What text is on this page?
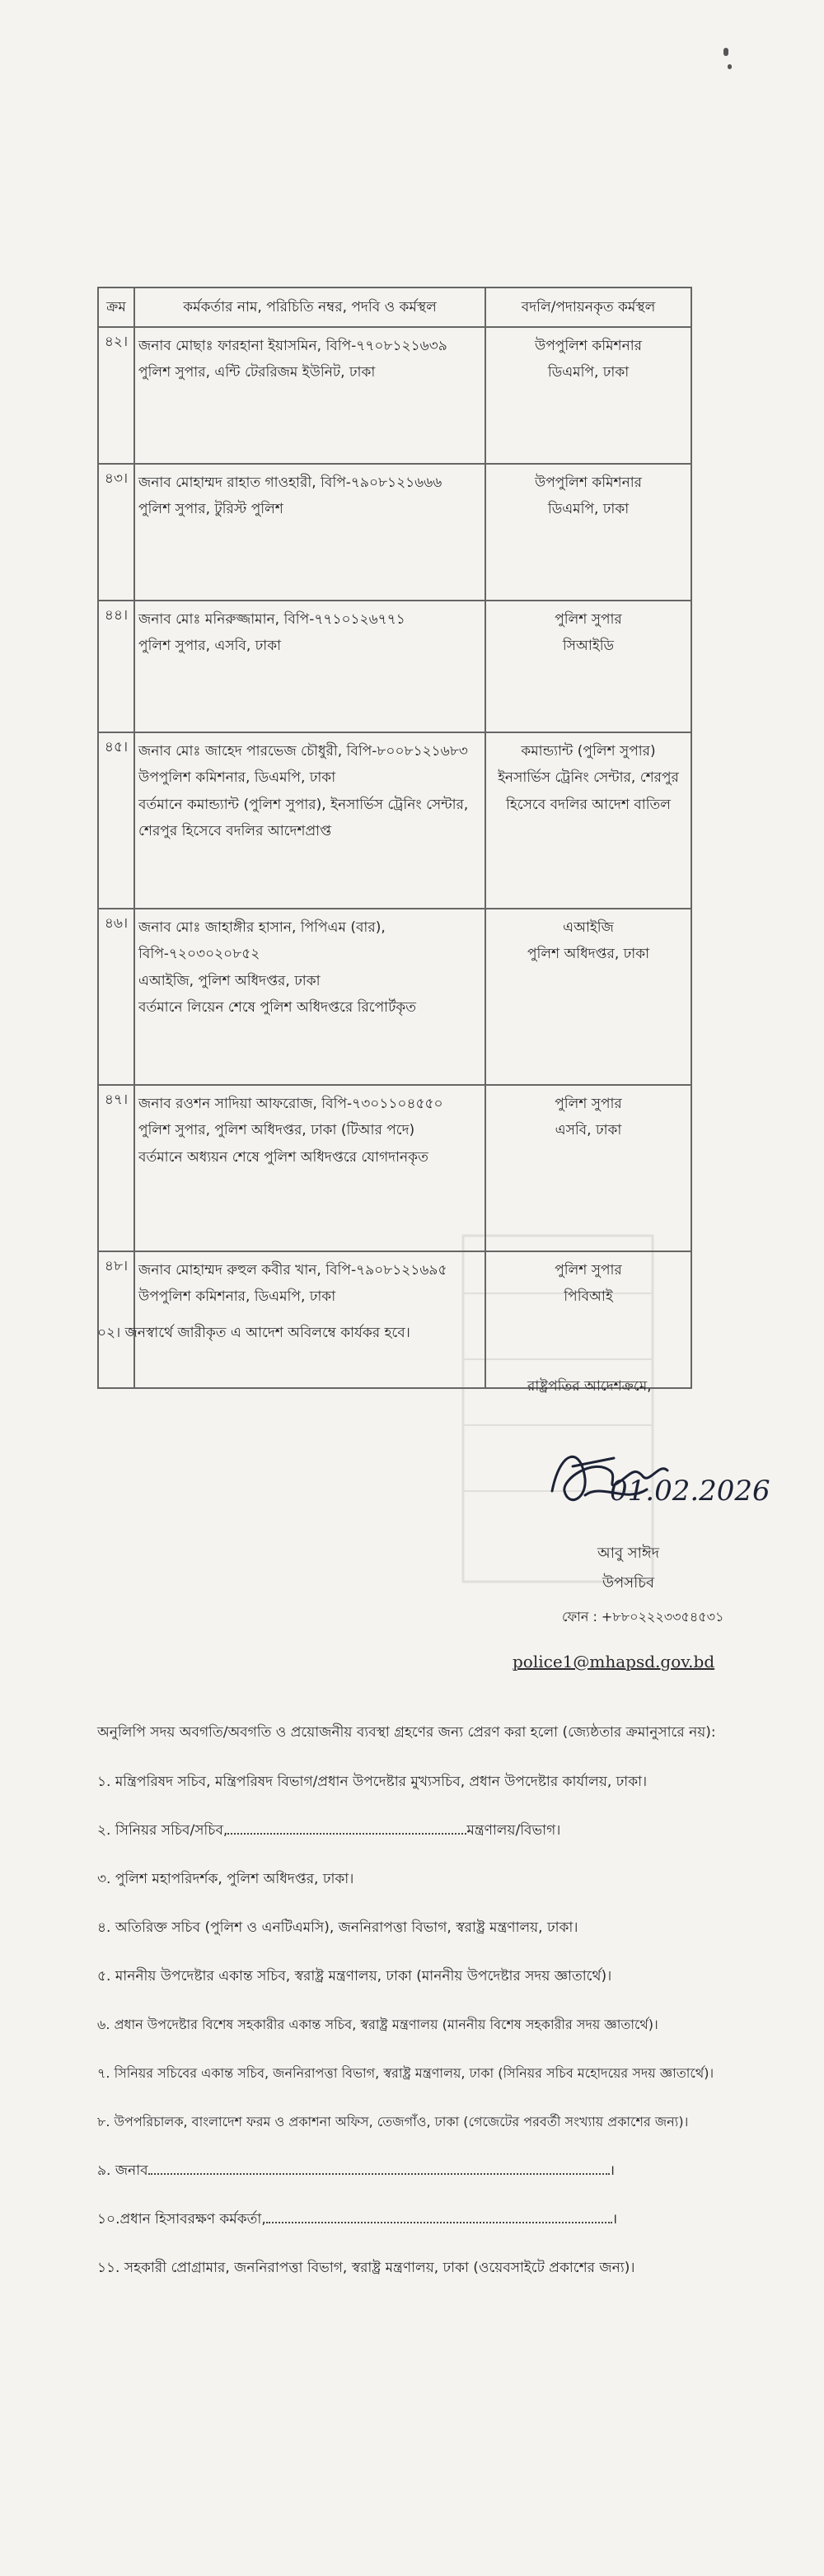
ক্রম	কর্মকর্তার নাম, পরিচিতি নম্বর, পদবি ও কর্মস্থল	বদলি/পদায়নকৃত কর্মস্থল
৪২।	জনাব মোছাঃ ফারহানা ইয়াসমিন, বিপি-৭৭০৮১২১৬৩৯
পুলিশ সুপার, এন্টি টেররিজম ইউনিট, ঢাকা	উপপুলিশ কমিশনার
ডিএমপি, ঢাকা

৪৩।	জনাব মোহাম্মদ রাহাত গাওহারী, বিপি-৭৯০৮১২১৬৬৬
পুলিশ সুপার, টুরিস্ট পুলিশ	উপপুলিশ কমিশনার
ডিএমপি, ঢাকা

৪৪।	জনাব মোঃ মনিরুজ্জামান, বিপি-৭৭১০১২৬৭৭১
পুলিশ সুপার, এসবি, ঢাকা	পুলিশ সুপার
সিআইডি

৪৫।	জনাব মোঃ জাহেদ পারভেজ চৌধুরী, বিপি-৮০০৮১২১৬৮৩
উপপুলিশ কমিশনার, ডিএমপি, ঢাকা
বর্তমানে কমান্ড্যান্ট (পুলিশ সুপার), ইনসার্ভিস ট্রেনিং সেন্টার,
শেরপুর হিসেবে বদলির আদেশপ্রাপ্ত	কমান্ড্যান্ট (পুলিশ সুপার)
ইনসার্ভিস ট্রেনিং সেন্টার, শেরপুর
হিসেবে বদলির আদেশ বাতিল

৪৬।	জনাব মোঃ জাহাঙ্গীর হাসান, পিপিএম (বার), বিপি-৭২০৩০২০৮৫২
এআইজি, পুলিশ অধিদপ্তর, ঢাকা
বর্তমানে লিয়েন শেষে পুলিশ অধিদপ্তরে রিপোর্টকৃত	এআইজি
পুলিশ অধিদপ্তর, ঢাকা

৪৭।	জনাব রওশন সাদিয়া আফরোজ, বিপি-৭৩০১১০৪৫৫০
পুলিশ সুপার, পুলিশ অধিদপ্তর, ঢাকা (টিআর পদে)
বর্তমানে অধ্যয়ন শেষে পুলিশ অধিদপ্তরে যোগদানকৃত	পুলিশ সুপার
এসবি, ঢাকা

৪৮।	জনাব মোহাম্মদ রুহুল কবীর খান, বিপি-৭৯০৮১২১৬৯৫
উপপুলিশ কমিশনার, ডিএমপি, ঢাকা	পুলিশ সুপার
পিবিআই
০২। জনস্বার্থে জারীকৃত এ আদেশ অবিলম্বে কার্যকর হবে।
রাষ্ট্রপতির আদেশক্রমে,
01.02.2026
আবু সাঈদ
উপসচিব
ফোন : +৮৮০২২২৩৩৫৪৫৩১
police1@mhapsd.gov.bd
অনুলিপি সদয় অবগতি/অবগতি ও প্রয়োজনীয় ব্যবস্থা গ্রহণের জন্য প্রেরণ করা হলো (জ্যেষ্ঠতার ক্রমানুসারে নয়):
১. মন্ত্রিপরিষদ সচিব, মন্ত্রিপরিষদ বিভাগ/প্রধান উপদেষ্টার মুখ্যসচিব, প্রধান উপদেষ্টার কার্যালয়, ঢাকা।
২. সিনিয়র সচিব/সচিব,	মন্ত্রণালয়/বিভাগ।
৩. পুলিশ মহাপরিদর্শক, পুলিশ অধিদপ্তর, ঢাকা।
৪. অতিরিক্ত সচিব (পুলিশ ও এনটিএমসি), জননিরাপত্তা বিভাগ, স্বরাষ্ট্র মন্ত্রণালয়, ঢাকা।
৫. মাননীয় উপদেষ্টার একান্ত সচিব, স্বরাষ্ট্র মন্ত্রণালয়, ঢাকা (মাননীয় উপদেষ্টার সদয় জ্ঞাতার্থে)।
৬. প্রধান উপদেষ্টার বিশেষ সহকারীর একান্ত সচিব, স্বরাষ্ট্র মন্ত্রণালয় (মাননীয় বিশেষ সহকারীর সদয় জ্ঞাতার্থে)।
৭. সিনিয়র সচিবের একান্ত সচিব, জননিরাপত্তা বিভাগ, স্বরাষ্ট্র মন্ত্রণালয়, ঢাকা (সিনিয়র সচিব মহোদয়ের সদয় জ্ঞাতার্থে)।
৮. উপপরিচালক, বাংলাদেশ ফরম ও প্রকাশনা অফিস, তেজগাঁও, ঢাকা (গেজেটের পরবর্তী সংখ্যায় প্রকাশের জন্য)।
৯. জনাব	।
১০.প্রধান হিসাবরক্ষণ কর্মকর্তা,	।
১১. সহকারী প্রোগ্রামার, জননিরাপত্তা বিভাগ, স্বরাষ্ট্র মন্ত্রণালয়, ঢাকা (ওয়েবসাইটে প্রকাশের জন্য)।
